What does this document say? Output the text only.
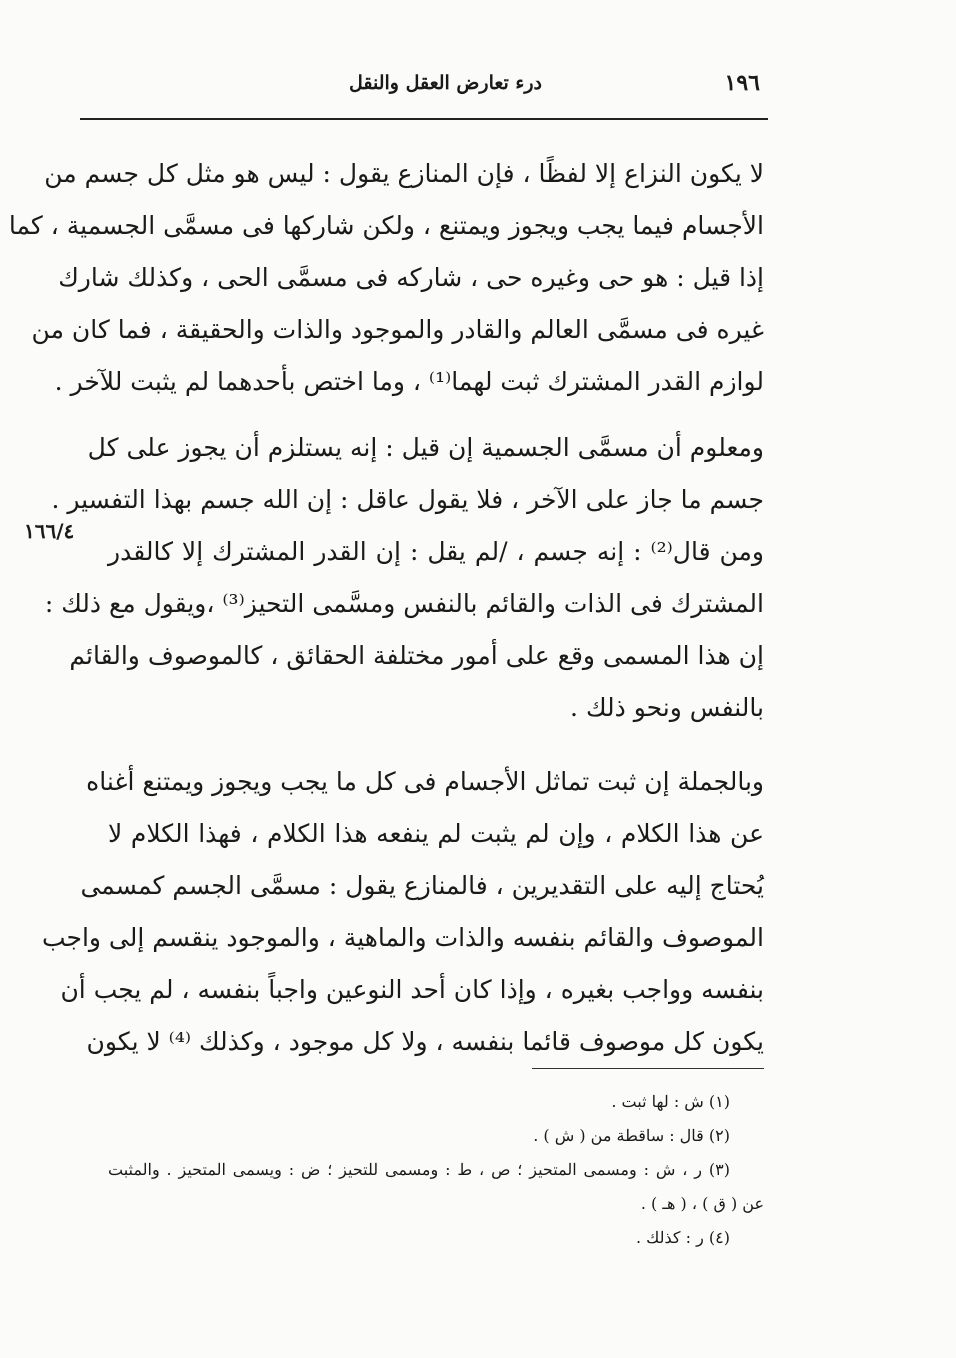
١٩٦
درء تعارض العقل والنقل
١٦٦/٤
لا يكون النزاع إلا لفظًا ، فإن المنازع يقول : ليس هو مثل كل جسم من
الأجسام فيما يجب ويجوز ويمتنع ، ولكن شاركها فى مسمَّى الجسمية ، كما
إذا قيل : هو حى وغيره حى ، شاركه فى مسمَّى الحى ، وكذلك شارك
غيره فى مسمَّى العالم والقادر والموجود والذات والحقيقة ، فما كان من
لوازم القدر المشترك ثبت لهما⁽¹⁾ ، وما اختص بأحدهما لم يثبت للآخر .
ومعلوم أن مسمَّى الجسمية إن قيل : إنه يستلزم أن يجوز على كل
جسم ما جاز على الآخر ، فلا يقول عاقل : إن الله جسم بهذا التفسير .
ومن قال⁽²⁾ : إنه جسم ، /لم يقل : إن القدر المشترك إلا كالقدر
المشترك فى الذات والقائم بالنفس ومسَّمى التحيز⁽³⁾ ،ويقول مع ذلك :
إن هذا المسمى وقع على أمور مختلفة الحقائق ، كالموصوف والقائم
بالنفس ونحو ذلك .
وبالجملة إن ثبت تماثل الأجسام فى كل ما يجب ويجوز ويمتنع أغناه
عن هذا الكلام ، وإن لم يثبت لم ينفعه هذا الكلام ، فهذا الكلام لا
يُحتاج إليه على التقديرين ، فالمنازع يقول : مسمَّى الجسم كمسمى
الموصوف والقائم بنفسه والذات والماهية ، والموجود ينقسم إلى واجب
بنفسه وواجب بغيره ، وإذا كان أحد النوعين واجباً بنفسه ، لم يجب أن
يكون كل موصوف قائما بنفسه ، ولا كل موجود ، وكذلك ⁽⁴⁾ لا يكون
(١) ش : لها ثبت .
(٢) قال : ساقطة من ( ش ) .
(٣) ر ، ش : ومسمى المتحيز ؛ ص ، ط : ومسمى للتحيز ؛ ض : ويسمى المتحيز . والمثبت
عن ( ق ) ، ( هـ ) .
(٤) ر : كذلك .
